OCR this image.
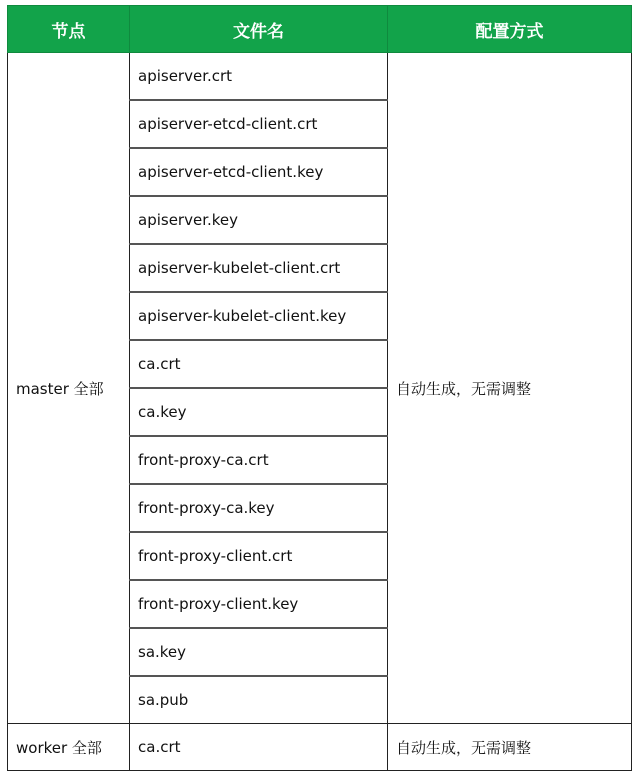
节点	文件名	配置方式
master 全部	apiserver.crt	自动生成，无需调整
	apiserver-etcd-client.crt	
	apiserver-etcd-client.key	
	apiserver.key	
	apiserver-kubelet-client.crt	
	apiserver-kubelet-client.key	
	ca.crt	
	ca.key	
	front-proxy-ca.crt	
	front-proxy-ca.key	
	front-proxy-client.crt	
	front-proxy-client.key	
	sa.key	
	sa.pub	
worker 全部	ca.crt	自动生成，无需调整
